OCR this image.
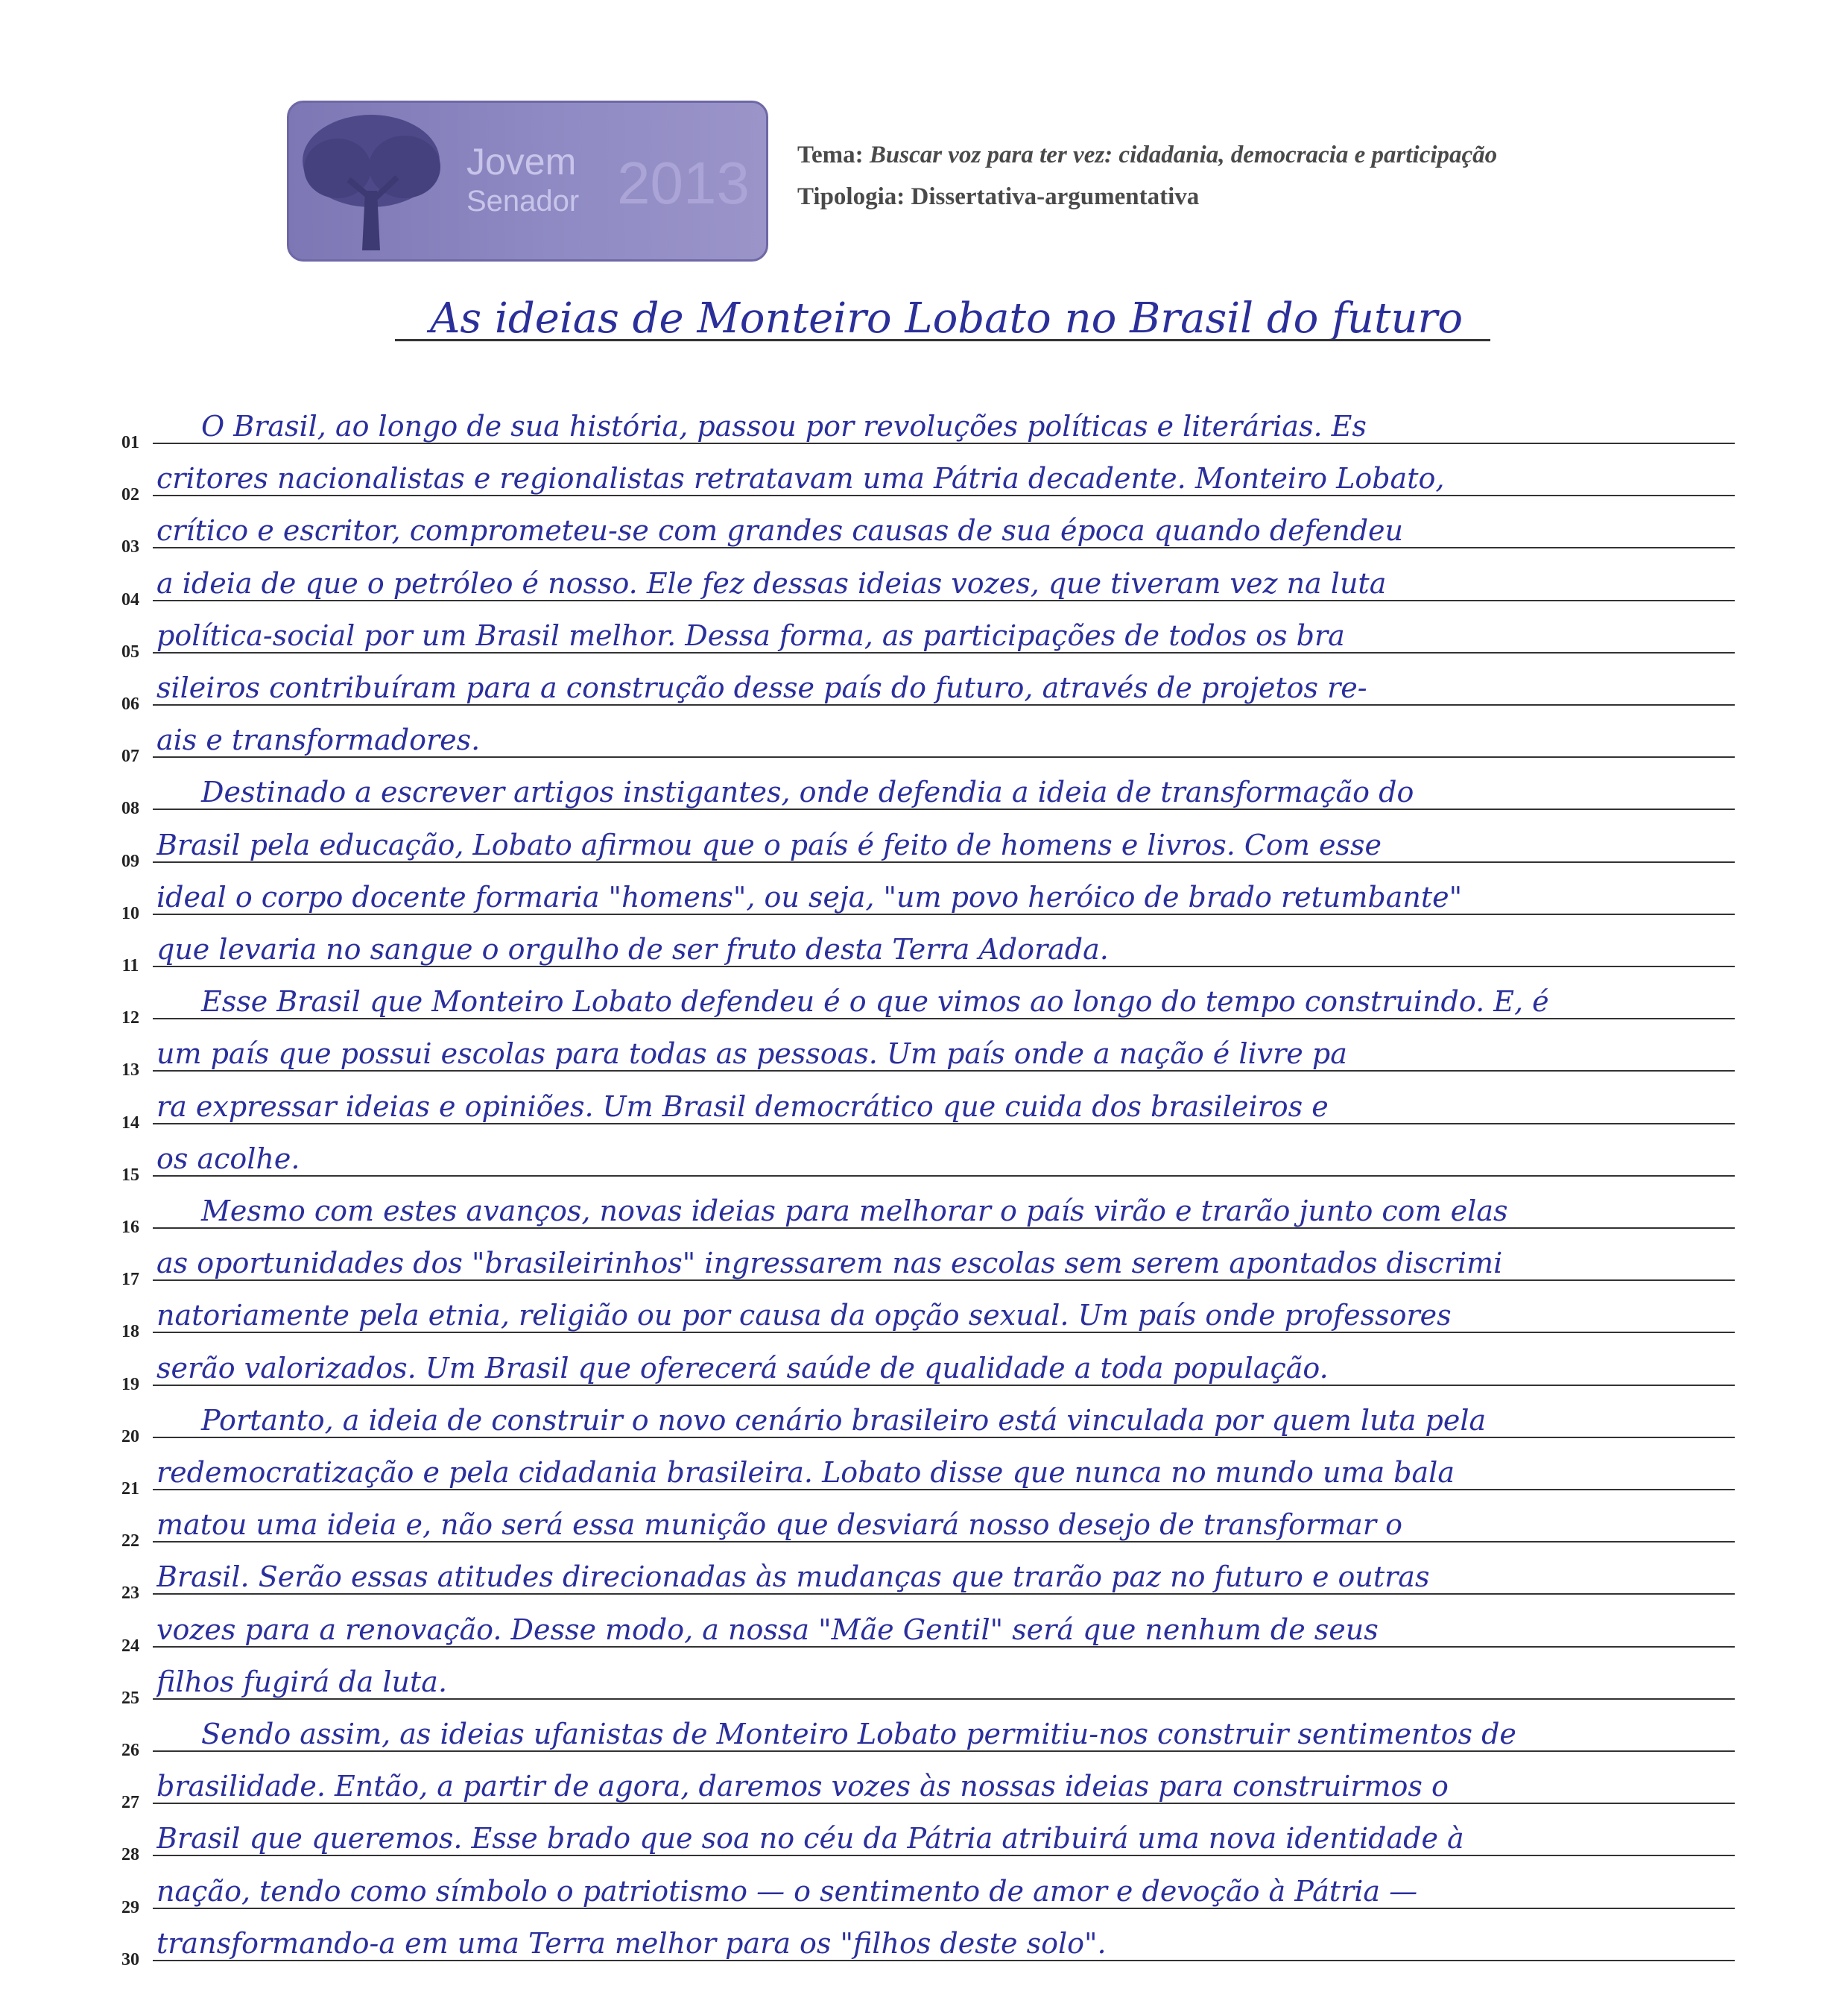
Jovem
Senador 2013 Tema: Buscar voz para ter vez: cidadania, democracia e participação
Tipologia: Dissertativa-argumentativa
As ideias de Monteiro Lobato no Brasil do futuro
01	O Brasil, ao longo de sua história, passou por revoluções políticas e literárias. Es
02 critores nacionalistas e regionalistas retratavam uma Pátria decadente. Monteiro Lobato,
03 crítico e escritor, comprometeu-se com grandes causas de sua época quando defendeu
04 a ideia de que o petróleo é nosso. Ele fez dessas ideias vozes, que tiveram vez na luta
05 política-social por um Brasil melhor. Dessa forma, as participações de todos os bra
06 sileiros contribuíram para a construção desse país do futuro, através de projetos re-
07 ais e transformadores.
08	Destinado a escrever artigos instigantes, onde defendia a ideia de transformação do
09 Brasil pela educação, Lobato afirmou que o país é feito de homens e livros. Com esse
10 ideal o corpo docente formaria "homens", ou seja, "um povo heróico de brado retumbante"
11 que levaria no sangue o orgulho de ser fruto desta Terra Adorada.
12	Esse Brasil que Monteiro Lobato defendeu é o que vimos ao longo do tempo construindo. E, é
13 um país que possui escolas para todas as pessoas. Um país onde a nação é livre pa
14 ra expressar ideias e opiniões. Um Brasil democrático que cuida dos brasileiros e
15 os acolhe.
16	Mesmo com estes avanços, novas ideias para melhorar o país virão e trarão junto com elas
17 as oportunidades dos "brasileirinhos" ingressarem nas escolas sem serem apontados discrimi
18 natoriamente pela etnia, religião ou por causa da opção sexual. Um país onde professores
19 serão valorizados. Um Brasil que oferecerá saúde de qualidade a toda população.
20	Portanto, a ideia de construir o novo cenário brasileiro está vinculada por quem luta pela
21 redemocratização e pela cidadania brasileira. Lobato disse que nunca no mundo uma bala
22 matou uma ideia e, não será essa munição que desviará nosso desejo de transformar o
23 Brasil. Serão essas atitudes direcionadas às mudanças que trarão paz no futuro e outras
24 vozes para a renovação. Desse modo, a nossa "Mãe Gentil" será que nenhum de seus
25 filhos fugirá da luta.
26	Sendo assim, as ideias ufanistas de Monteiro Lobato permitiu-nos construir sentimentos de
27 brasilidade. Então, a partir de agora, daremos vozes às nossas ideias para construirmos o
28 Brasil que queremos. Esse brado que soa no céu da Pátria atribuirá uma nova identidade à
29 nação, tendo como símbolo o patriotismo — o sentimento de amor e devoção à Pátria —
30 transformando-a em uma Terra melhor para os "filhos deste solo".
